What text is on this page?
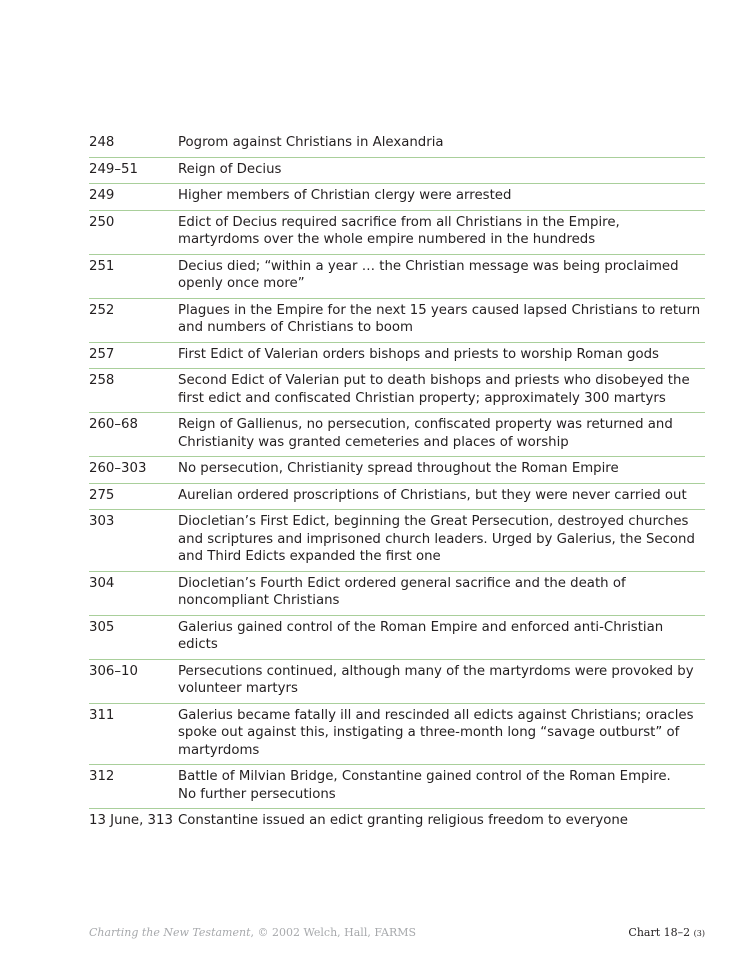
248	Pogrom against Christians in Alexandria
249–51	Reign of Decius
249	Higher members of Christian clergy were arrested
250	Edict of Decius required sacrifice from all Christians in the Empire, martyrdoms over the whole empire numbered in the hundreds
251	Decius died; “within a year … the Christian message was being proclaimed openly once more”
252	Plagues in the Empire for the next 15 years caused lapsed Christians to return and numbers of Christians to boom
257	First Edict of Valerian orders bishops and priests to worship Roman gods
258	Second Edict of Valerian put to death bishops and priests who disobeyed the first edict and confiscated Christian property; approximately 300 martyrs
260–68	Reign of Gallienus, no persecution, confiscated property was returned and Christianity was granted cemeteries and places of worship
260–303	No persecution, Christianity spread throughout the Roman Empire
275	Aurelian ordered proscriptions of Christians, but they were never carried out
303	Diocletian’s First Edict, beginning the Great Persecution, destroyed churches and scriptures and imprisoned church leaders. Urged by Galerius, the Second and Third Edicts expanded the first one
304	Diocletian’s Fourth Edict ordered general sacrifice and the death of noncompliant Christians
305	Galerius gained control of the Roman Empire and enforced anti-Christian edicts
306–10	Persecutions continued, although many of the martyrdoms were provoked by volunteer martyrs
311	Galerius became fatally ill and rescinded all edicts against Christians; oracles spoke out against this, instigating a three-month long “savage outburst” of martyrdoms
312	Battle of Milvian Bridge, Constantine gained control of the Roman Empire.
No further persecutions
13 June, 313 Constantine issued an edict granting religious freedom to everyone
Charting the New Testament, © 2002 Welch, Hall, FARMS	Chart 18–2 (3)
